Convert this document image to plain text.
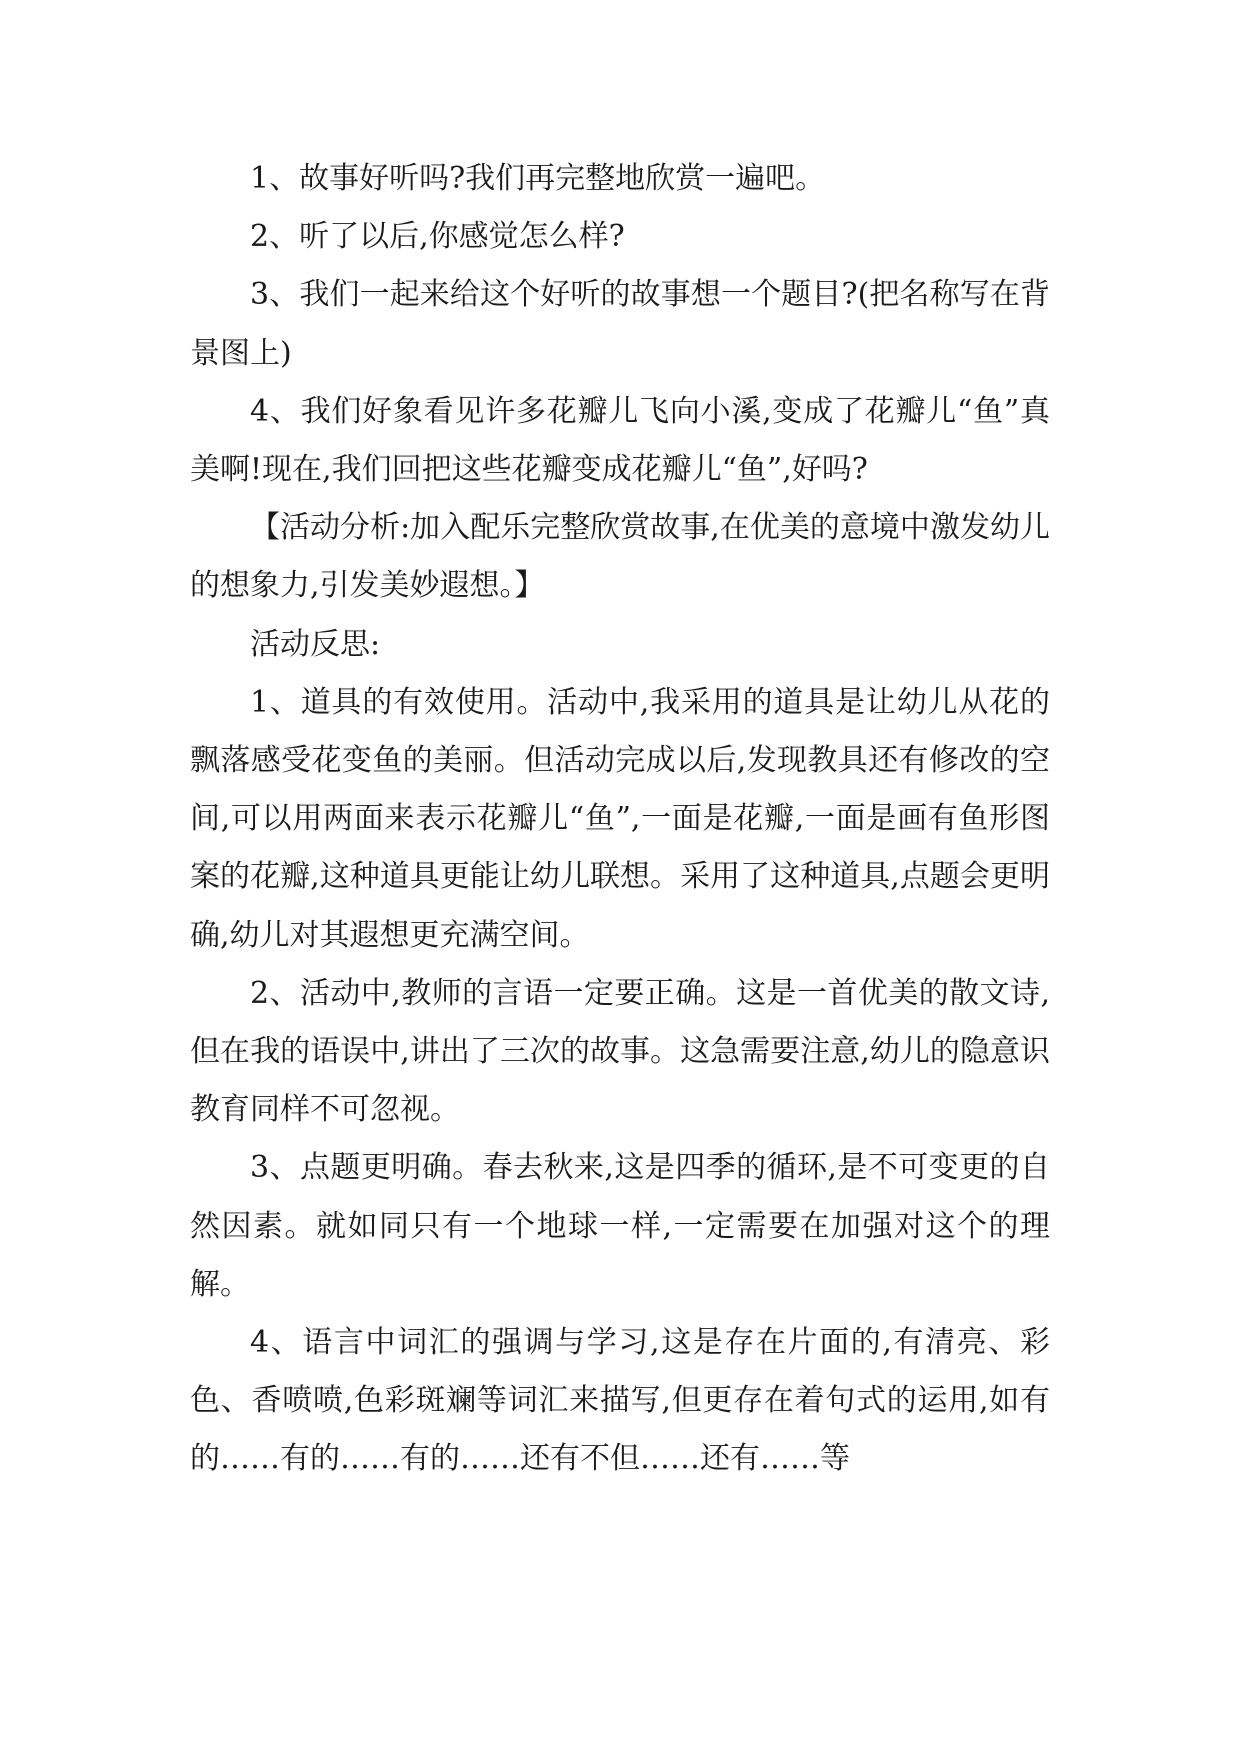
1、故事好听吗?我们再完整地欣赏一遍吧。

2、听了以后,你感觉怎么样?

3、我们一起来给这个好听的故事想一个题目?(把名称写在背景图上)

4、我们好象看见许多花瓣儿飞向小溪,变成了花瓣儿“鱼”真美啊!现在,我们回把这些花瓣变成花瓣儿“鱼”,好吗?

【活动分析:加入配乐完整欣赏故事,在优美的意境中激发幼儿的想象力,引发美妙遐想。】

活动反思:

1、道具的有效使用。活动中,我采用的道具是让幼儿从花的飘落感受花变鱼的美丽。但活动完成以后,发现教具还有修改的空间,可以用两面来表示花瓣儿“鱼”,一面是花瓣,一面是画有鱼形图案的花瓣,这种道具更能让幼儿联想。采用了这种道具,点题会更明确,幼儿对其遐想更充满空间。

2、活动中,教师的言语一定要正确。这是一首优美的散文诗,但在我的语误中,讲出了三次的故事。这急需要注意,幼儿的隐意识教育同样不可忽视。

3、点题更明确。春去秋来,这是四季的循环,是不可变更的自然因素。就如同只有一个地球一样,一定需要在加强对这个的理解。

4、语言中词汇的强调与学习,这是存在片面的,有清亮、彩色、香喷喷,色彩斑斓等词汇来描写,但更存在着句式的运用,如有的……有的……有的……还有不但……还有……等
